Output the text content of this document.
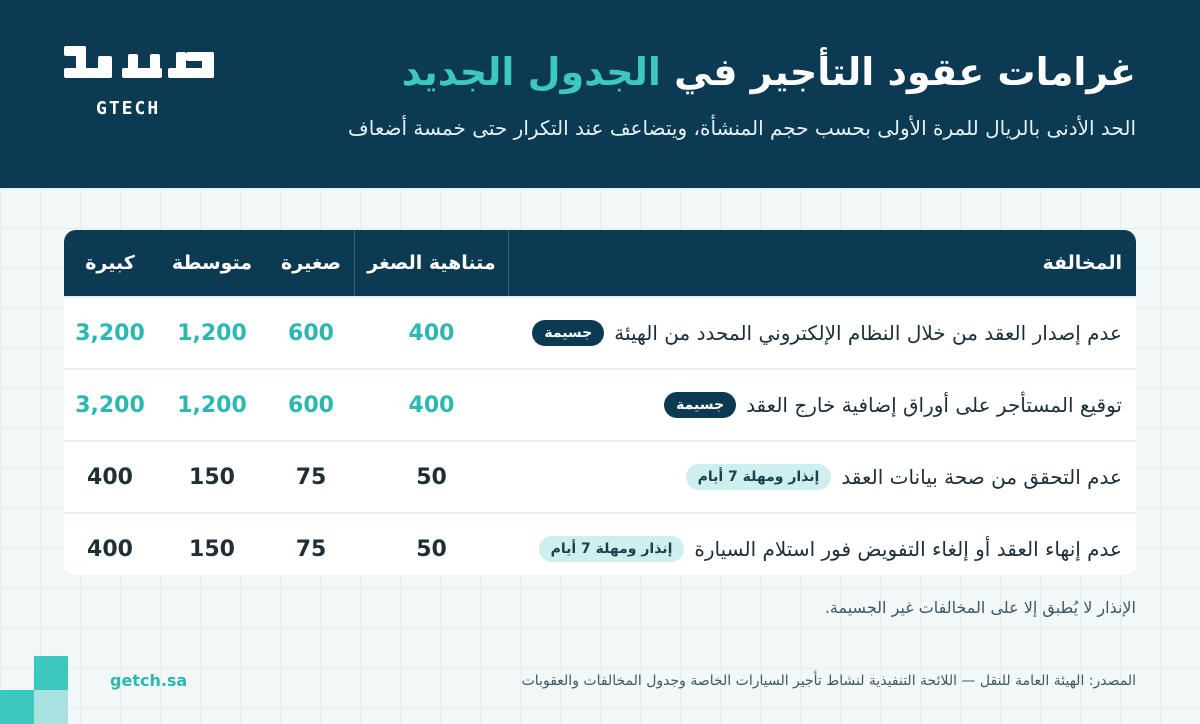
GTECH
غرامات عقود التأجير في الجدول الجديد

الحد الأدنى بالريال للمرة الأولى بحسب حجم المنشأة، ويتضاعف عند التكرار حتى خمسة أضعاف

المخالفة
متناهية الصغر
صغيرة
متوسطة
كبيرة
عدم إصدار العقد من خلال النظام الإلكتروني المحدد من الهيئة
جسيمة
400
600
1,200
3,200
توقيع المستأجر على أوراق إضافية خارج العقد
جسيمة
400
600
1,200
3,200
عدم التحقق من صحة بيانات العقد
إنذار ومهلة 7 أيام
50
75
150
400
عدم إنهاء العقد أو إلغاء التفويض فور استلام السيارة
إنذار ومهلة 7 أيام
50
75
150
400

الإنذار لا يُطبق إلا على المخالفات غير الجسيمة.

getch.sa	المصدر: الهيئة العامة للنقل — اللائحة التنفيذية لنشاط تأجير السيارات الخاصة وجدول المخالفات والعقوبات
